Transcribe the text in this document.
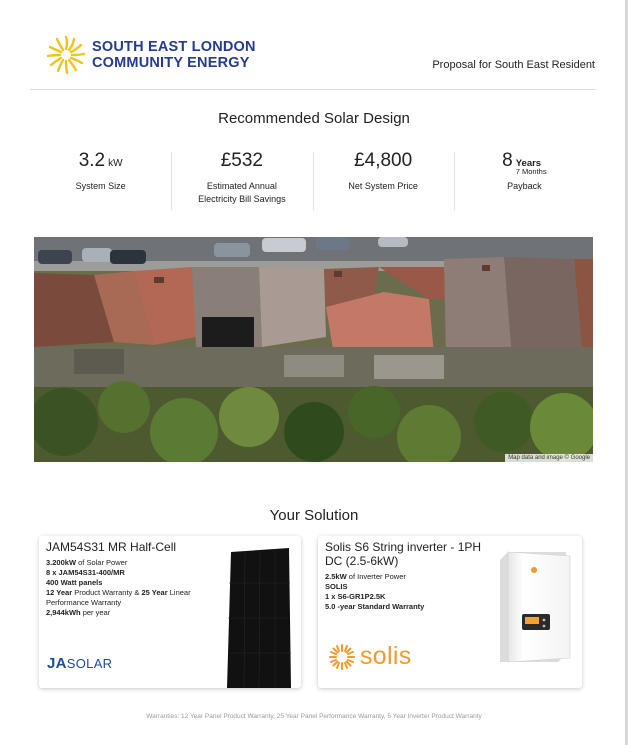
SOUTH EAST LONDON
COMMUNITY ENERGY	Proposal for South East Resident
Recommended Solar Design
3.2 kW
System Size
£532
Estimated Annual
Electricity Bill Savings
£4,800
Net System Price
8 Years
7 Months
Payback
Map data and image © Google
Your Solution
JAM54S31 MR Half-Cell
3.200kW of Solar Power
8 x JAM54S31-400/MR
400 Watt panels
12 Year Product Warranty & 25 Year Linear
Performance Warranty
2,944kWh per year
JASOLAR
Solis S6 String inverter - 1PH
DC (2.5-6kW)
2.5kW of Inverter Power
SOLIS
1 x S6-GR1P2.5K
5.0 -year Standard Warranty
solis
Warranties: 12 Year Panel Product Warranty, 25 Year Panel Performance Warranty, 5 Year Inverter Product Warranty
